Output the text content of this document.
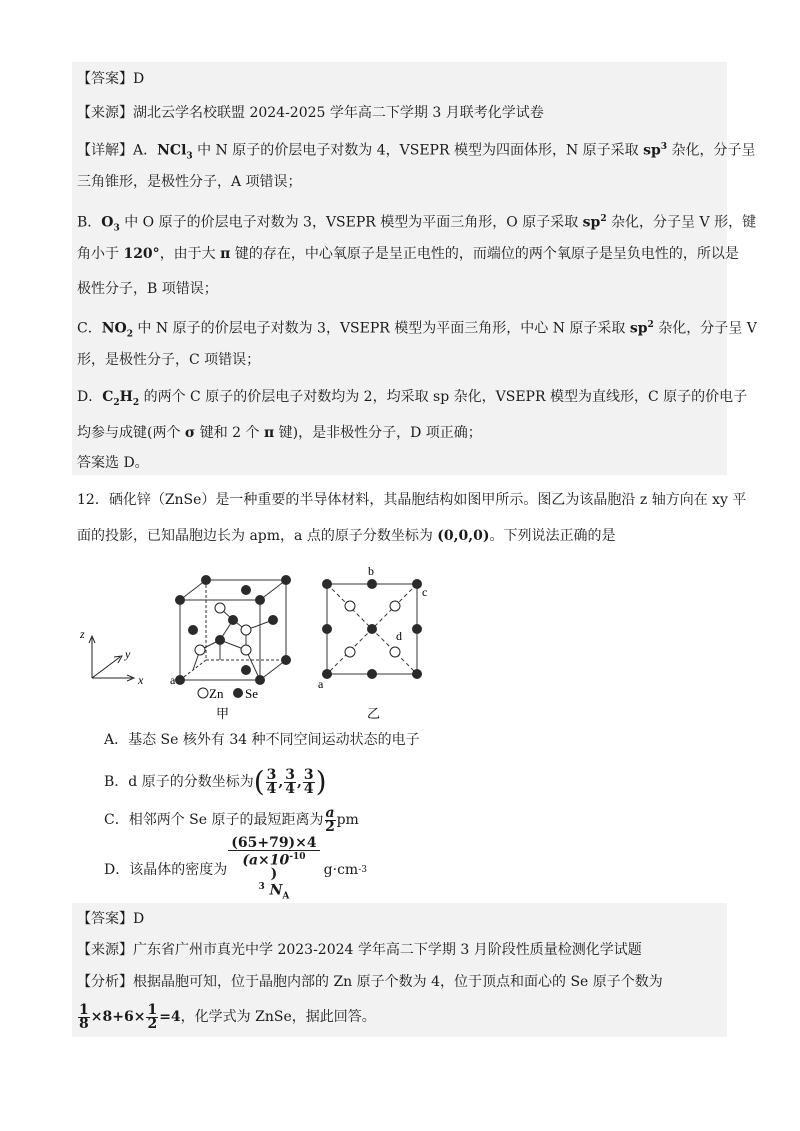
【答案】D
【来源】湖北云学名校联盟 2024-2025 学年高二下学期 3 月联考化学试卷
【详解】A．NCl$_3$ 中 N 原子的价层电子对数为 4，VSEPR 模型为四面体形，N 原子采取 $sp^3$ 杂化，分子呈
三角锥形，是极性分子，A 项错误；
B．$O_3$ 中 O 原子的价层电子对数为 3，VSEPR 模型为平面三角形，O 原子采取 $sp^2$ 杂化，分子呈 V 形，键
角小于 120°，由于大 π 键的存在，中心氧原子是呈正电性的，而端位的两个氧原子是呈负电性的，所以是
极性分子，B 项错误；
C．$NO_2$ 中 N 原子的价层电子对数为 3，VSEPR 模型为平面三角形，中心 N 原子采取 $sp^2$ 杂化，分子呈 V
形，是极性分子，C 项错误；
D．$C_2H_2$ 的两个 C 原子的价层电子对数均为 2，均采取 sp 杂化，VSEPR 模型为直线形，C 原子的价电子
均参与成键(两个 σ 键和 2 个 π 键)，是非极性分子，D 项正确；
答案选 D。
12．硒化锌（ZnSe）是一种重要的半导体材料，其晶胞结构如图甲所示。图乙为该晶胞沿 z 轴方向在 xy 平
面的投影，已知晶胞边长为 apm，a 点的原子分数坐标为 (0,0,0)。下列说法正确的是
z
y
x a
Zn Se
甲
b
c
d
a
乙
A．基态 Se 核外有 34 种不同空间运动状态的电子
B．d 原子的分数坐标为 ( $\frac{3}{4}$ , $\frac{3}{4}$ , $\frac{3}{4}$ )
C．相邻两个 Se 原子的最短距离为 $\frac{a}{2}$ pm
D．该晶体的密度为 (65+79)×4
($a\times 10^{-10}$
)
$^3$ $N_A$ g·cm -3
【答案】D
【来源】广东省广州市真光中学 2023-2024 学年高二下学期 3 月阶段性质量检测化学试题
【分析】根据晶胞可知，位于晶胞内部的 Zn 原子个数为 4，位于顶点和面心的 Se 原子个数为
$\frac{1}{8} \times 8+6\times \frac{1}{2} =4$ ，化学式为 ZnSe，据此回答。
